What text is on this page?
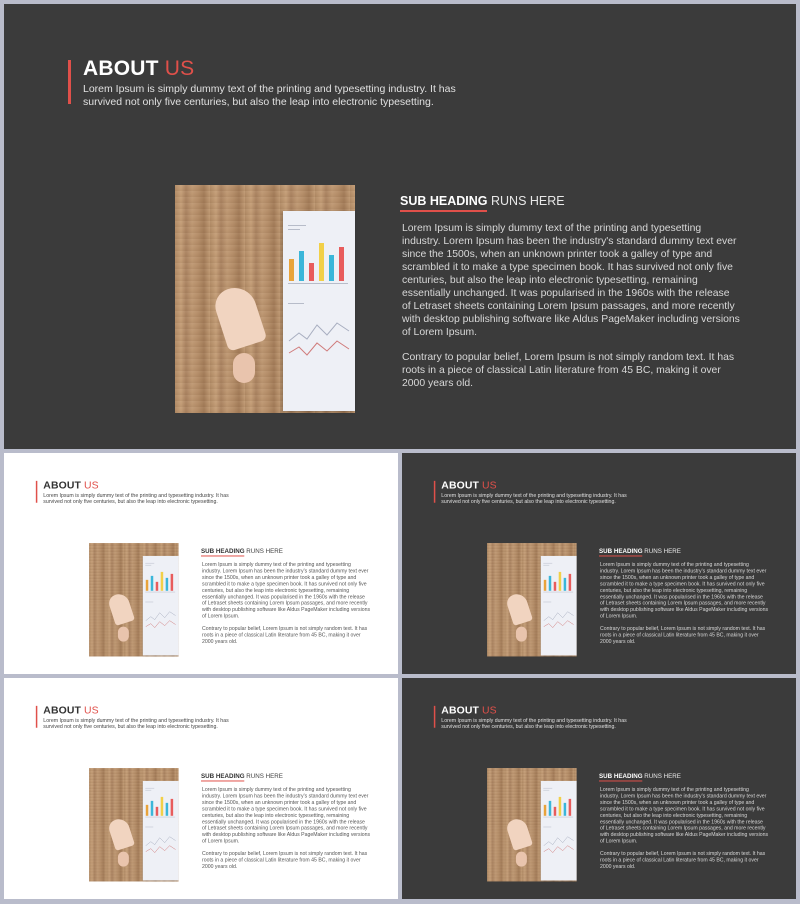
ABOUT US
Lorem Ipsum is simply dummy text of the printing and typesetting industry. It has survived not only five centuries, but also the leap into electronic typesetting.
SUB HEADING RUNS HERE

Lorem Ipsum is simply dummy text of the printing and typesetting industry. Lorem Ipsum has been the industry's standard dummy text ever since the 1500s, when an unknown printer took a galley of type and scrambled it to make a type specimen book. It has survived not only five centuries, but also the leap into electronic typesetting, remaining essentially unchanged. It was popularised in the 1960s with the release of Letraset sheets containing Lorem Ipsum passages, and more recently with desktop publishing software like Aldus PageMaker including versions of Lorem Ipsum.

Contrary to popular belief, Lorem Ipsum is not simply random text. It has roots in a piece of classical Latin literature from 45 BC, making it over 2000 years old.

ABOUT US
Lorem Ipsum is simply dummy text of the printing and typesetting industry. It has survived not only five centuries, but also the leap into electronic typesetting.
SUB HEADING RUNS HERE

Lorem Ipsum is simply dummy text of the printing and typesetting industry. Lorem Ipsum has been the industry's standard dummy text ever since the 1500s, when an unknown printer took a galley of type and scrambled it to make a type specimen book. It has survived not only five centuries, but also the leap into electronic typesetting, remaining essentially unchanged. It was popularised in the 1960s with the release of Letraset sheets containing Lorem Ipsum passages, and more recently with desktop publishing software like Aldus PageMaker including versions of Lorem Ipsum.

Contrary to popular belief, Lorem Ipsum is not simply random text. It has roots in a piece of classical Latin literature from 45 BC, making it over 2000 years old.

ABOUT US
Lorem Ipsum is simply dummy text of the printing and typesetting industry. It has survived not only five centuries, but also the leap into electronic typesetting.
SUB HEADING RUNS HERE

Lorem Ipsum is simply dummy text of the printing and typesetting industry. Lorem Ipsum has been the industry's standard dummy text ever since the 1500s, when an unknown printer took a galley of type and scrambled it to make a type specimen book. It has survived not only five centuries, but also the leap into electronic typesetting, remaining essentially unchanged. It was popularised in the 1960s with the release of Letraset sheets containing Lorem Ipsum passages, and more recently with desktop publishing software like Aldus PageMaker including versions of Lorem Ipsum.

Contrary to popular belief, Lorem Ipsum is not simply random text. It has roots in a piece of classical Latin literature from 45 BC, making it over 2000 years old.

ABOUT US
Lorem Ipsum is simply dummy text of the printing and typesetting industry. It has survived not only five centuries, but also the leap into electronic typesetting.
SUB HEADING RUNS HERE

Lorem Ipsum is simply dummy text of the printing and typesetting industry. Lorem Ipsum has been the industry's standard dummy text ever since the 1500s, when an unknown printer took a galley of type and scrambled it to make a type specimen book. It has survived not only five centuries, but also the leap into electronic typesetting, remaining essentially unchanged. It was popularised in the 1960s with the release of Letraset sheets containing Lorem Ipsum passages, and more recently with desktop publishing software like Aldus PageMaker including versions of Lorem Ipsum.

Contrary to popular belief, Lorem Ipsum is not simply random text. It has roots in a piece of classical Latin literature from 45 BC, making it over 2000 years old.

ABOUT US
Lorem Ipsum is simply dummy text of the printing and typesetting industry. It has survived not only five centuries, but also the leap into electronic typesetting.
SUB HEADING RUNS HERE

Lorem Ipsum is simply dummy text of the printing and typesetting industry. Lorem Ipsum has been the industry's standard dummy text ever since the 1500s, when an unknown printer took a galley of type and scrambled it to make a type specimen book. It has survived not only five centuries, but also the leap into electronic typesetting, remaining essentially unchanged. It was popularised in the 1960s with the release of Letraset sheets containing Lorem Ipsum passages, and more recently with desktop publishing software like Aldus PageMaker including versions of Lorem Ipsum.

Contrary to popular belief, Lorem Ipsum is not simply random text. It has roots in a piece of classical Latin literature from 45 BC, making it over 2000 years old.
